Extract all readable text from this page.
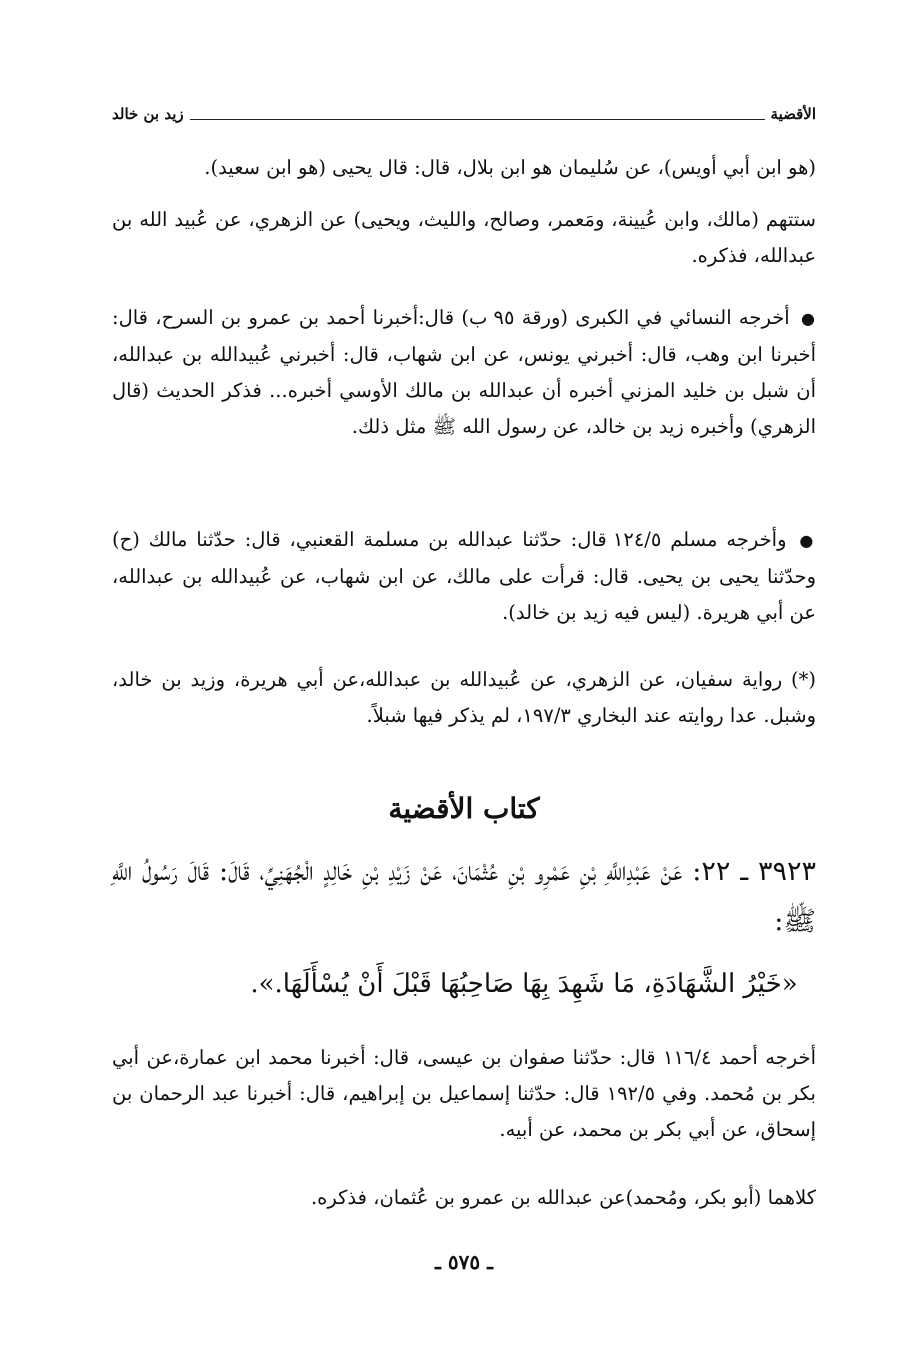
الأقضية
زيد بن خالد

(هو ابن أبي أويس)، عن سُليمان هو ابن بلال، قال: قال يحيى (هو ابن سعيد).

ستتهم (مالك، وابن عُيينة، ومَعمر، وصالح، والليث، ويحيى) عن الزهري، عن عُبيد الله بن عبدالله، فذكره.

● أخرجه النسائي في الكبرى (ورقة ٩٥ ب) قال:أخبرنا أحمد بن عمرو بن السرح، قال: أخبرنا ابن وهب، قال: أخبرني يونس، عن ابن شهاب، قال: أخبرني عُبيدالله بن عبدالله، أن شبل بن خليد المزني أخبره أن عبدالله بن مالك الأوسي أخبره... فذكر الحديث (قال الزهري) وأخبره زيد بن خالد، عن رسول الله ﷺ مثل ذلك.

● وأخرجه مسلم ١٢٤/٥ قال: حدّثنا عبدالله بن مسلمة القعنبي، قال: حدّثنا مالك (ح) وحدّثنا يحيى بن يحيى. قال: قرأت على مالك، عن ابن شهاب، عن عُبيدالله بن عبدالله، عن أبي هريرة. (ليس فيه زيد بن خالد).

(*) رواية سفيان، عن الزهري، عن عُبيدالله بن عبدالله،عن أبي هريرة، وزيد بن خالد، وشبل. عدا روايته عند البخاري ١٩٧/٣، لم يذكر فيها شبلاً.

كتاب الأقضية

٣٩٢٣ ـ ٢٢: عَنْ عَبْدِاللَّهِ بْنِ عَمْرِو بْنِ عُثْمَانَ، عَنْ زَيْدِ بْنِ خَالِدٍ الْجُهَنِيِّ، قَالَ: قَالَ رَسُولُ اللَّهِ ﷺ:

«خَيْرُ الشَّهَادَةِ، مَا شَهِدَ بِهَا صَاحِبُهَا قَبْلَ أَنْ يُسْأَلَهَا.».

أخرجه أحمد ١١٦/٤ قال: حدّثنا صفوان بن عيسى، قال: أخبرنا محمد ابن عمارة،عن أبي بكر بن مُحمد. وفي ١٩٢/٥ قال: حدّثنا إسماعيل بن إبراهيم، قال: أخبرنا عبد الرحمان بن إسحاق، عن أبي بكر بن محمد، عن أبيه.

كلاهما (أبو بكر، ومُحمد)عن عبدالله بن عمرو بن عُثمان، فذكره.

ـ ٥٧٥ ـ
